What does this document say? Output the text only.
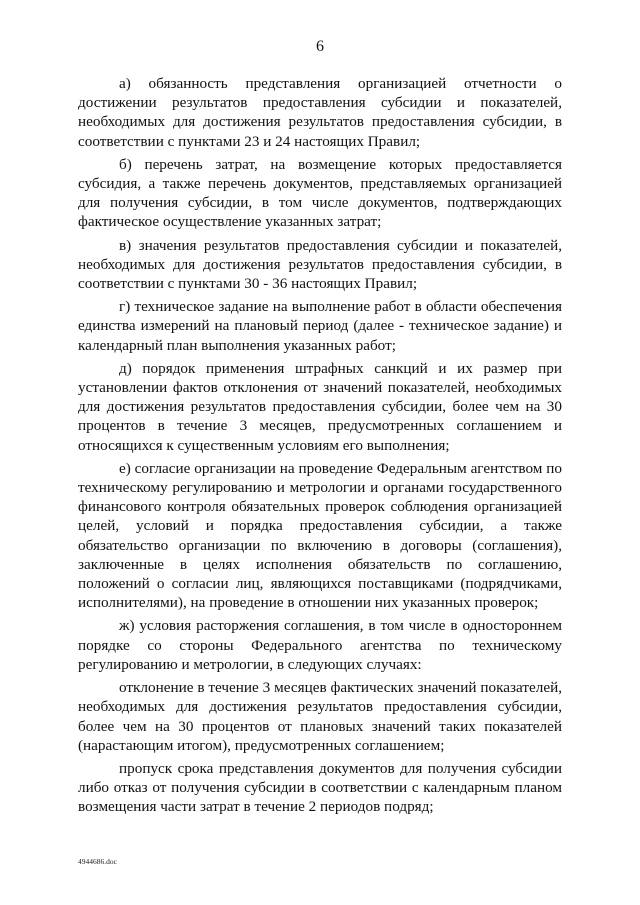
6

а) обязанность представления организацией отчетности о достижении результатов предоставления субсидии и показателей, необходимых для достижения результатов предоставления субсидии, в соответствии с пунктами 23 и 24 настоящих Правил;

б) перечень затрат, на возмещение которых предоставляется субсидия, а также перечень документов, представляемых организацией для получения субсидии, в том числе документов, подтверждающих фактическое осуществление указанных затрат;

в) значения результатов предоставления субсидии и показателей, необходимых для достижения результатов предоставления субсидии, в соответствии с пунктами 30 - 36 настоящих Правил;

г) техническое задание на выполнение работ в области обеспечения единства измерений на плановый период (далее - техническое задание) и календарный план выполнения указанных работ;

д) порядок применения штрафных санкций и их размер при установлении фактов отклонения от значений показателей, необходимых для достижения результатов предоставления субсидии, более чем на 30 процентов в течение 3 месяцев, предусмотренных соглашением и относящихся к существенным условиям его выполнения;

е) согласие организации на проведение Федеральным агентством по техническому регулированию и метрологии и органами государственного финансового контроля обязательных проверок соблюдения организацией целей, условий и порядка предоставления субсидии, а также обязательство организации по включению в договоры (соглашения), заключенные в целях исполнения обязательств по соглашению, положений о согласии лиц, являющихся поставщиками (подрядчиками, исполнителями), на проведение в отношении них указанных проверок;

ж) условия расторжения соглашения, в том числе в одностороннем порядке со стороны Федерального агентства по техническому регулированию и метрологии, в следующих случаях:

отклонение в течение 3 месяцев фактических значений показателей, необходимых для достижения результатов предоставления субсидии, более чем на 30 процентов от плановых значений таких показателей (нарастающим итогом), предусмотренных соглашением;

пропуск срока представления документов для получения субсидии либо отказ от получения субсидии в соответствии с календарным планом возмещения части затрат в течение 2 периодов подряд;

4944686.doc
